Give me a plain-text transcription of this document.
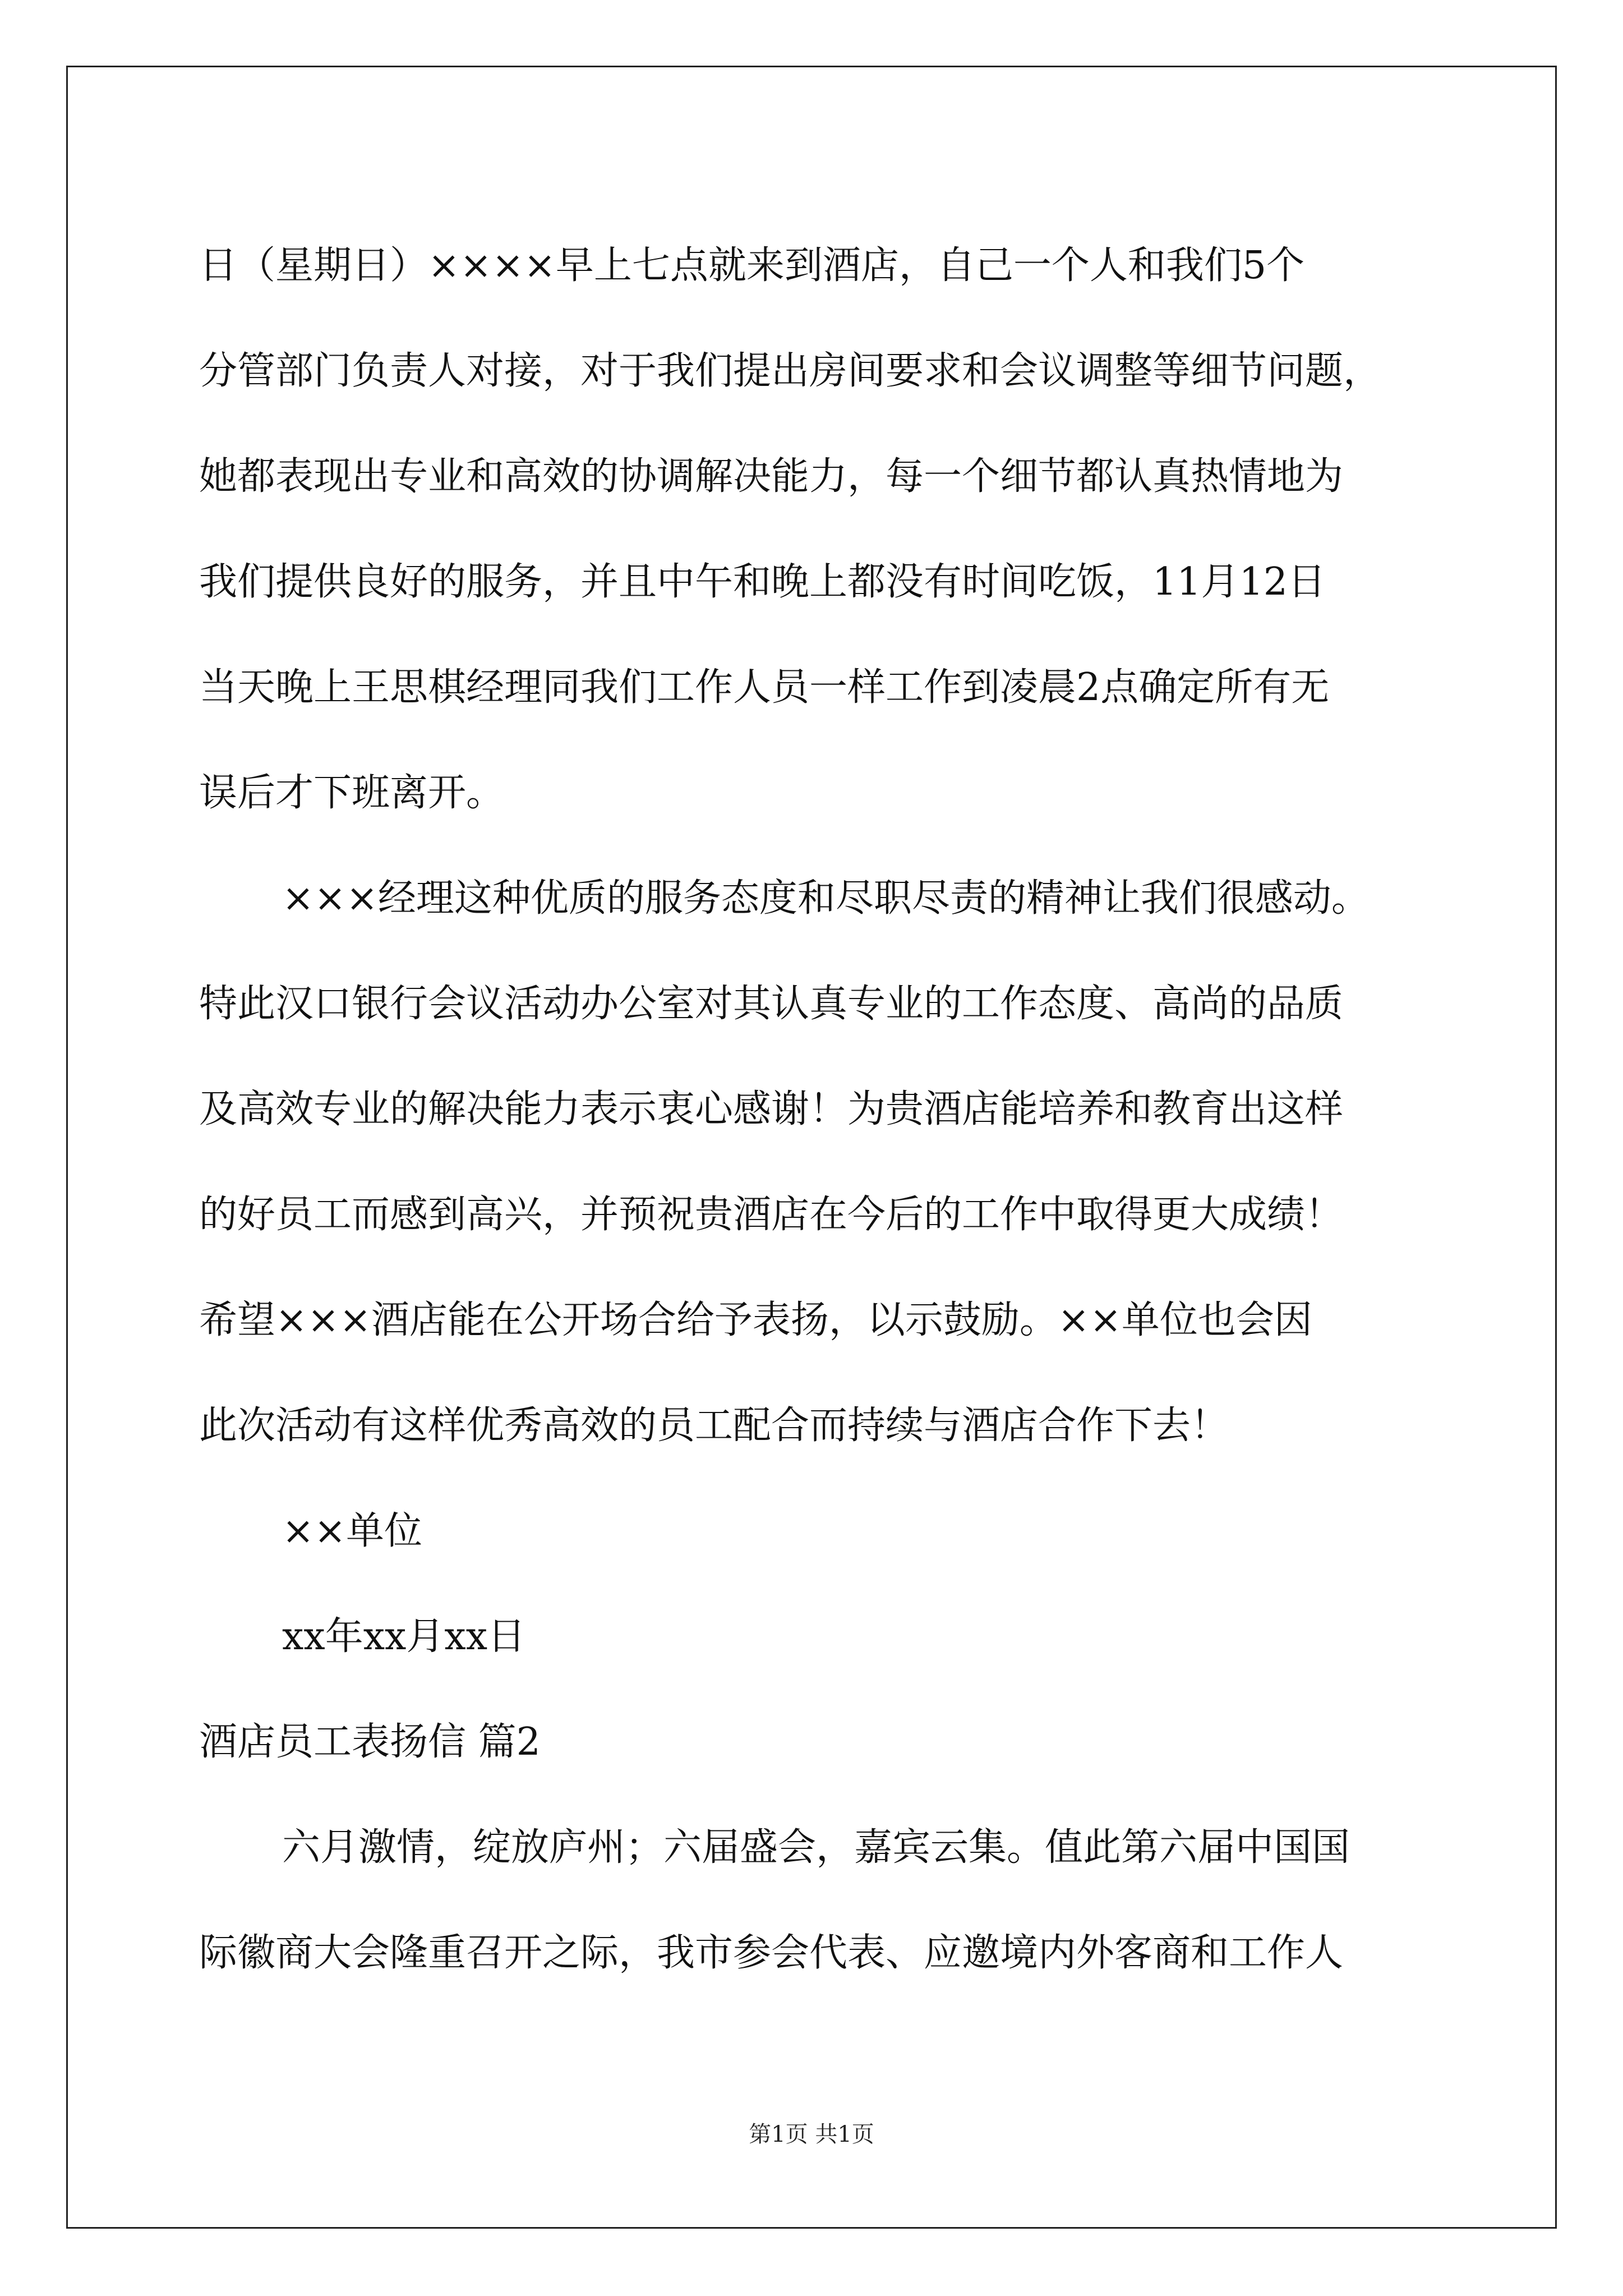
日（星期日）××××早上七点就来到酒店，自己一个人和我们5个
分管部门负责人对接，对于我们提出房间要求和会议调整等细节问题，
她都表现出专业和高效的协调解决能力，每一个细节都认真热情地为
我们提供良好的服务，并且中午和晚上都没有时间吃饭，11月12日
当天晚上王思棋经理同我们工作人员一样工作到凌晨2点确定所有无
误后才下班离开。
×××经理这种优质的服务态度和尽职尽责的精神让我们很感动。
特此汉口银行会议活动办公室对其认真专业的工作态度、高尚的品质
及高效专业的解决能力表示衷心感谢！为贵酒店能培养和教育出这样
的好员工而感到高兴，并预祝贵酒店在今后的工作中取得更大成绩！
希望×××酒店能在公开场合给予表扬，以示鼓励。××单位也会因
此次活动有这样优秀高效的员工配合而持续与酒店合作下去！
××单位
xx年xx月xx日
酒店员工表扬信 篇2
六月激情，绽放庐州；六届盛会，嘉宾云集。值此第六届中国国
际徽商大会隆重召开之际，我市参会代表、应邀境内外客商和工作人
第1页 共1页
